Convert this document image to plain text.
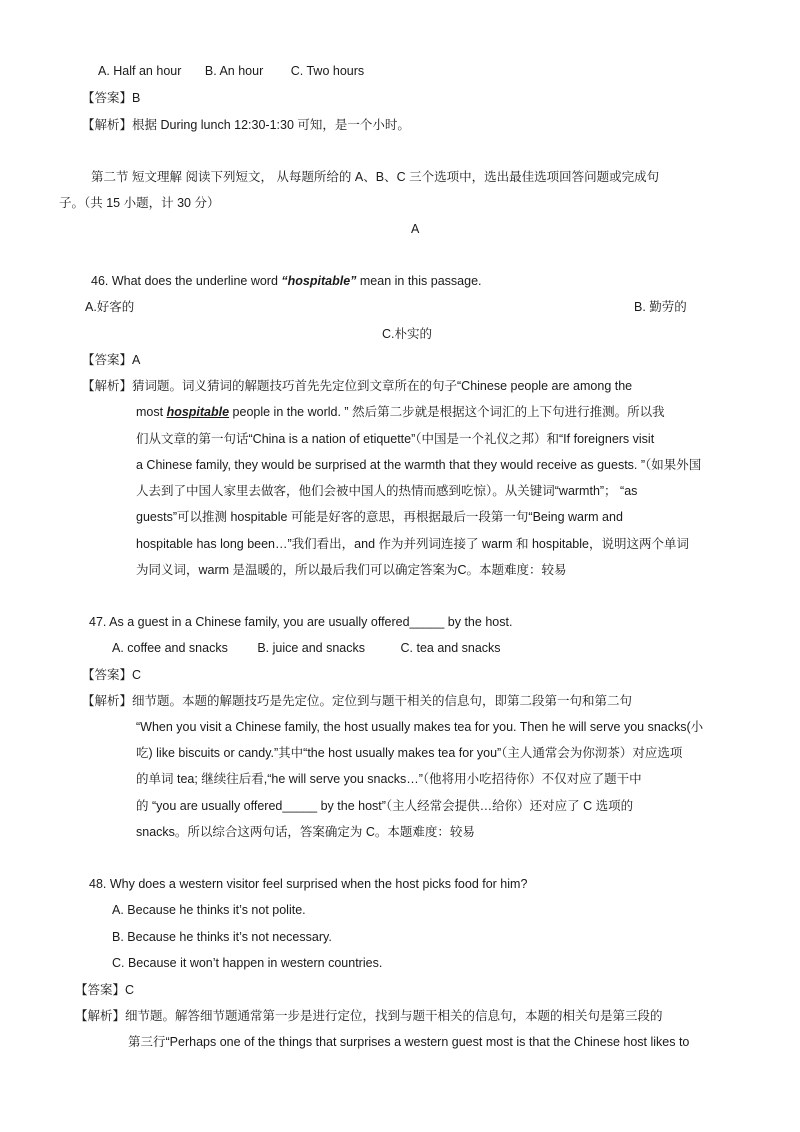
A. Half an hour B. An hour C. Two hours
【答案】B
【解析】根据 During lunch 12:30-1:30 可知，是一个小时。
第二节 短文理解 阅读下列短文， 从每题所给的 A、B、C 三个选项中，选出最佳选项回答问题或完成句
子。（共 15 小题，计 30 分）
A
46. What does the underline word “hospitable” mean in this passage.
A.好客的	B. 勤劳的
C.朴实的
【答案】A
【解析】猜词题。词义猜词的解题技巧首先先定位到文章所在的句子“Chinese people are among the
most hospitable people in the world. ” 然后第二步就是根据这个词汇的上下句进行推测。所以我
们从文章的第一句话“China is a nation of etiquette”（中国是一个礼仪之邦）和“If foreigners visit
a Chinese family, they would be surprised at the warmth that they would receive as guests. ”（如果外国
人去到了中国人家里去做客，他们会被中国人的热情而感到吃惊）。从关键词“warmth”； “as
guests”可以推测 hospitable 可能是好客的意思，再根据最后一段第一句“Being warm and
hospitable has long been…”我们看出，and 作为并列词连接了 warm 和 hospitable，说明这两个单词
为同义词，warm 是温暖的，所以最后我们可以确定答案为C。本题难度：较易
47. As a guest in a Chinese family, you are usually offered_____ by the host.
A. coffee and snacks B. juice and snacks	C. tea and snacks
【答案】C
【解析】细节题。本题的解题技巧是先定位。定位到与题干相关的信息句，即第二段第一句和第二句
“When you visit a Chinese family, the host usually makes tea for you. Then he will serve you snacks(小
吃) like biscuits or candy.”其中“the host usually makes tea for you”（主人通常会为你沏茶）对应选项
的单词 tea; 继续往后看,“he will serve you snacks…”（他将用小吃招待你）不仅对应了题干中
的 “you are usually offered_____ by the host”（主人经常会提供…给你）还对应了 C 选项的
snacks。所以综合这两句话，答案确定为 C。本题难度：较易
48. Why does a western visitor feel surprised when the host picks food for him?
A. Because he thinks it’s not polite.
B. Because he thinks it’s not necessary.
C. Because it won’t happen in western countries.
【答案】C
【解析】细节题。解答细节题通常第一步是进行定位，找到与题干相关的信息句，本题的相关句是第三段的
第三行“Perhaps one of the things that surprises a western guest most is that the Chinese host likes to
